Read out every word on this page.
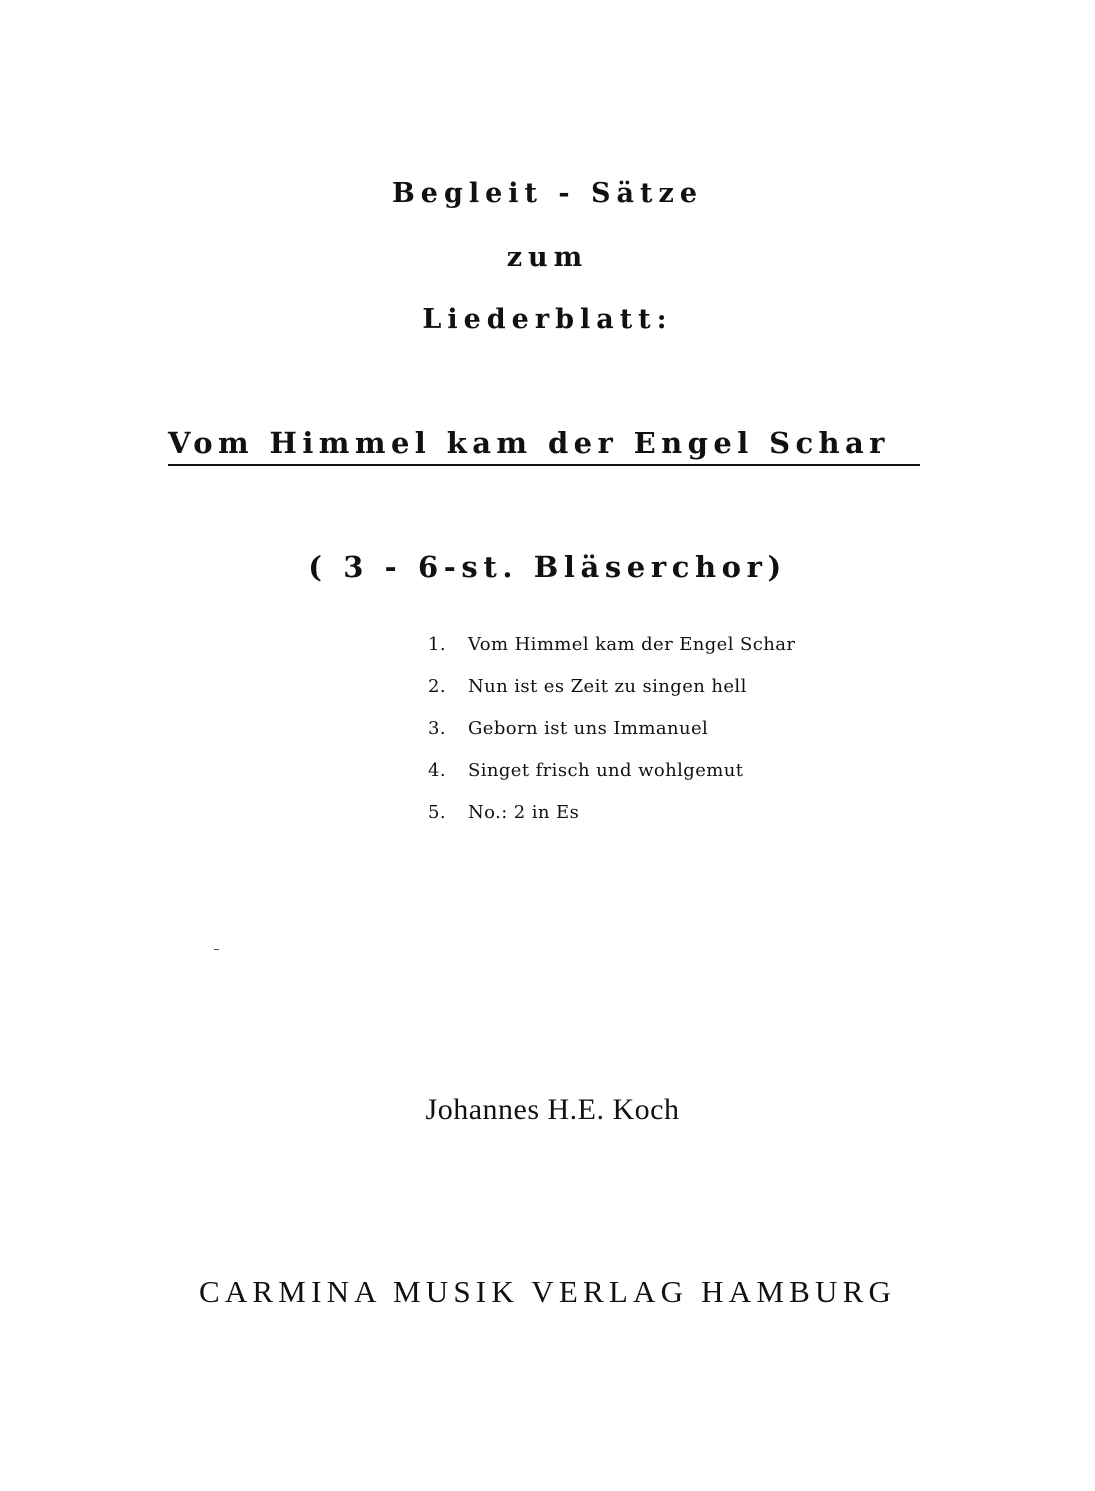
Begleit - Sätze
zum
Liederblatt:
Vom Himmel kam der Engel Schar
( 3 - 6-st. Bläserchor)
1. Vom Himmel kam der Engel Schar
2. Nun ist es Zeit zu singen hell
3. Geborn ist uns Immanuel
4. Singet frisch und wohlgemut
5. No.: 2 in Es
Johannes H.E. Koch
CARMINA MUSIK VERLAG HAMBURG
